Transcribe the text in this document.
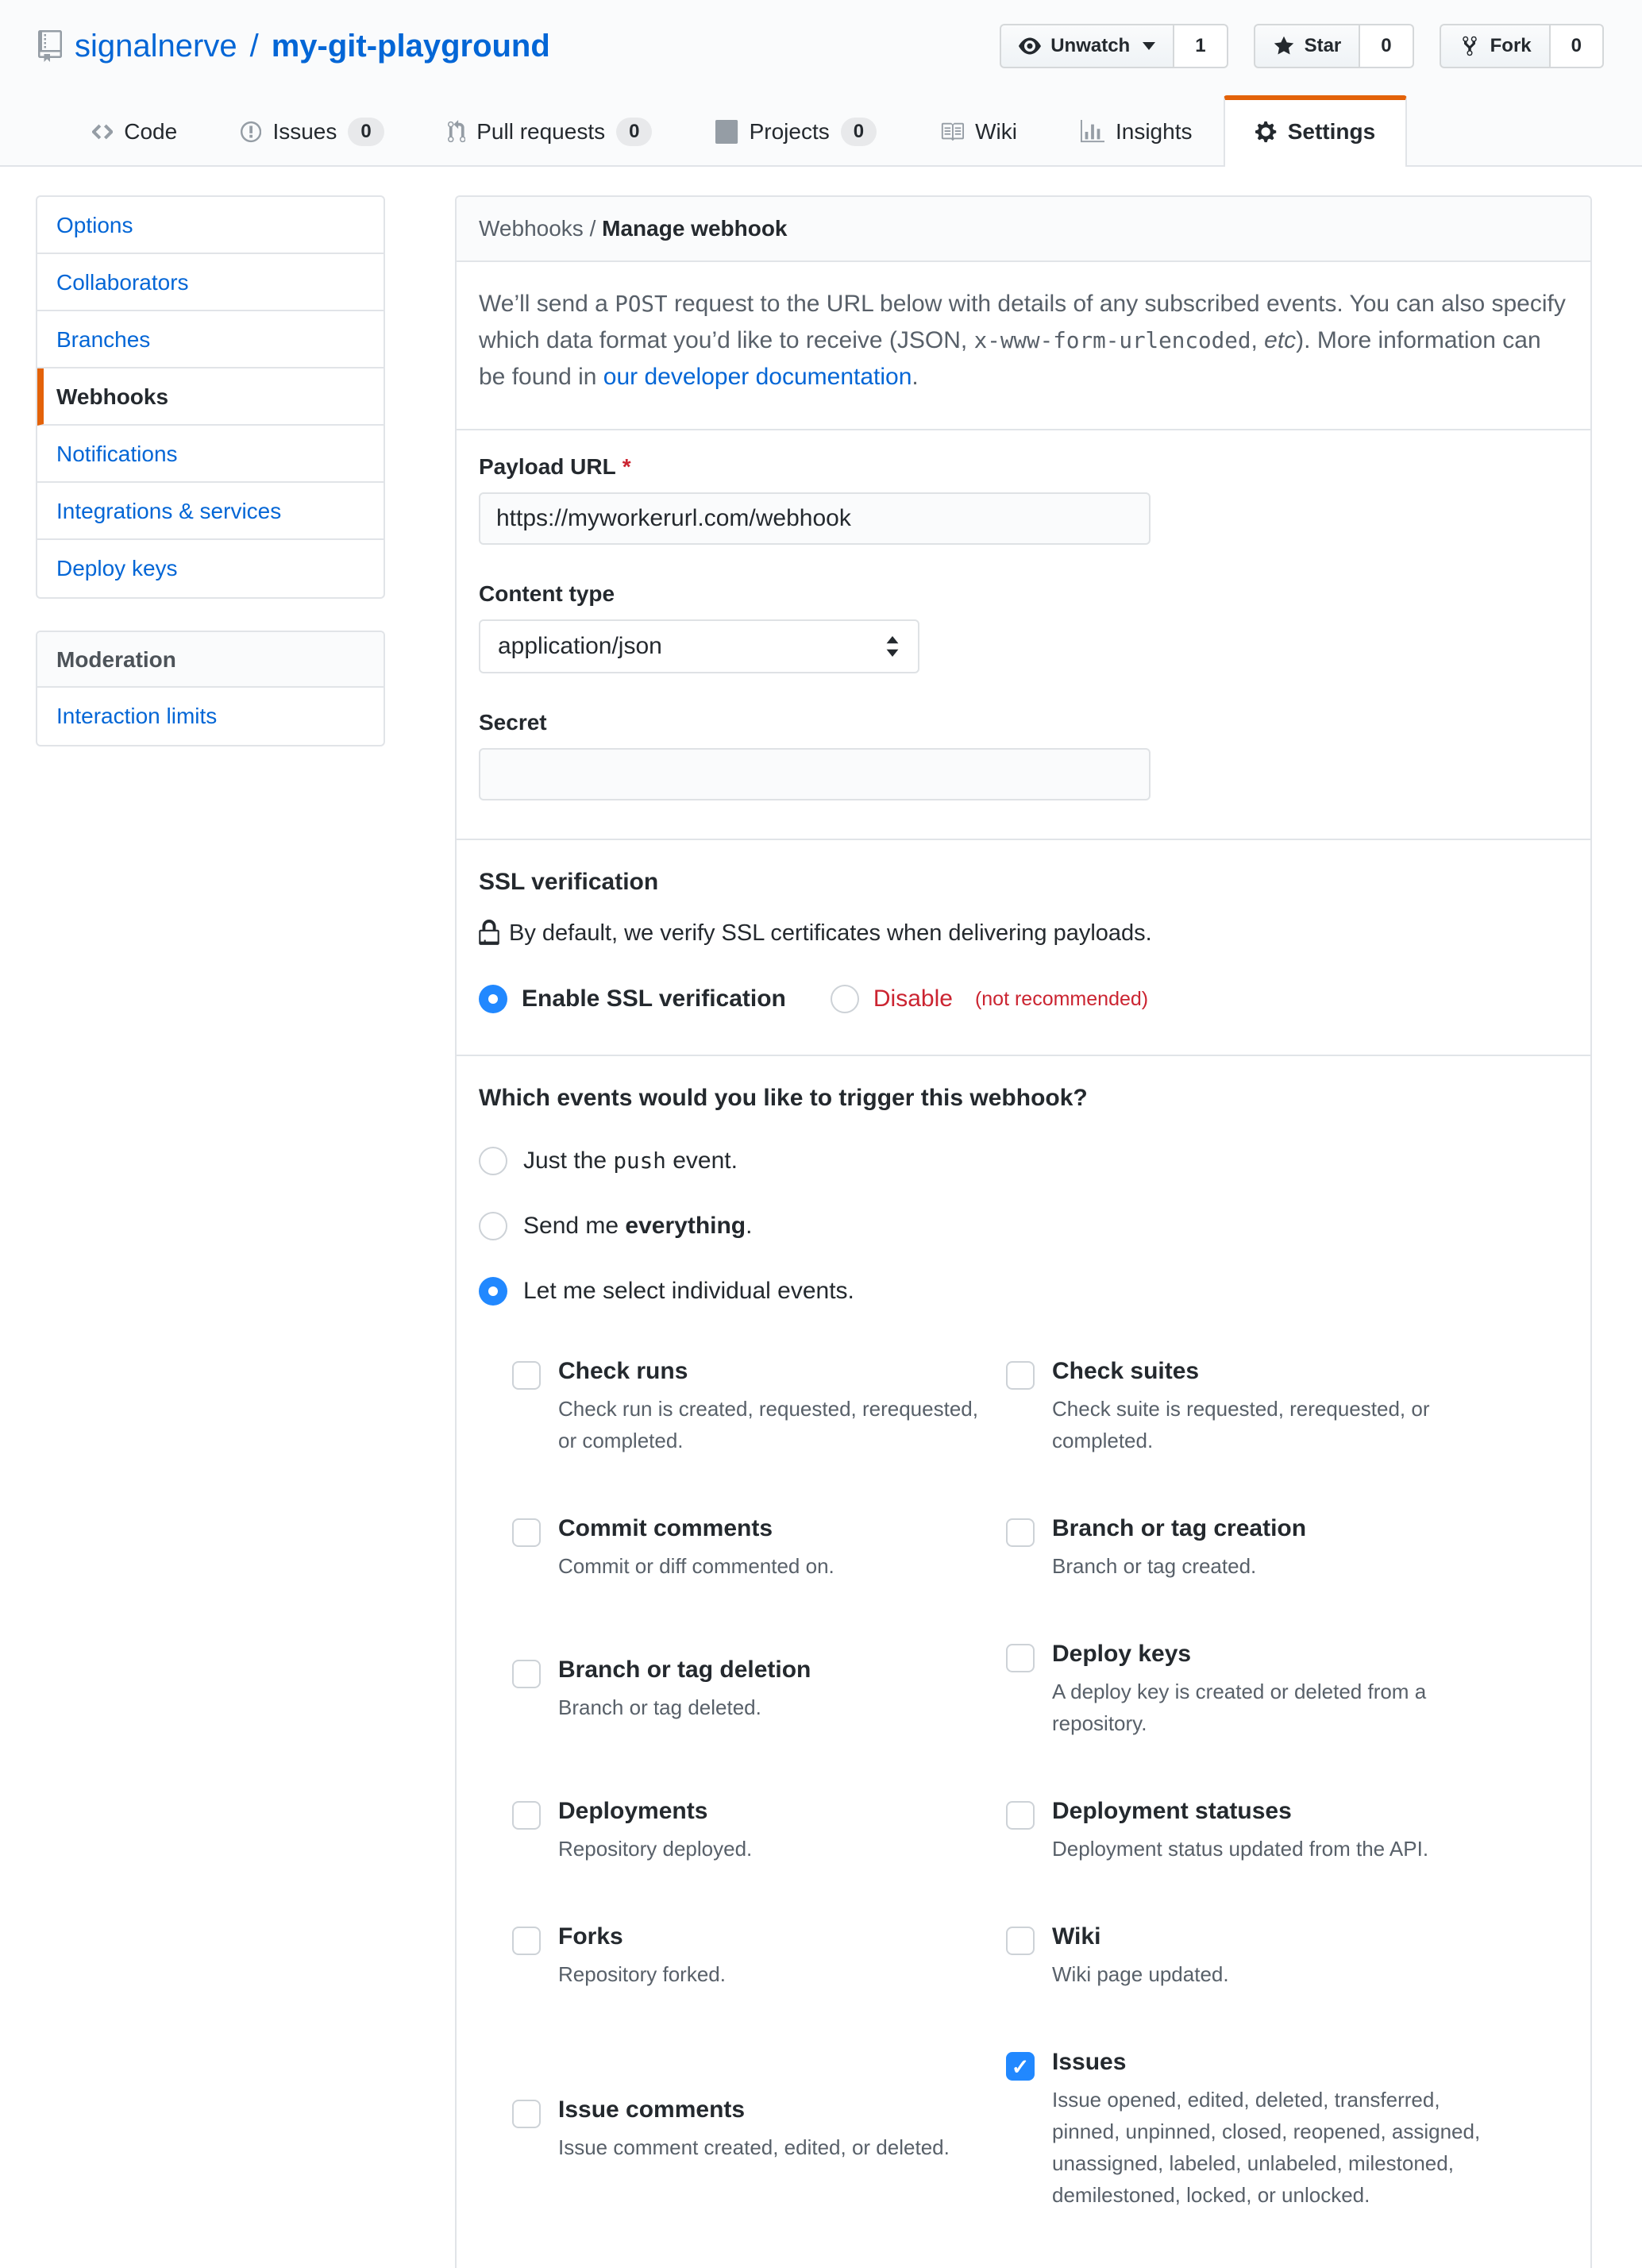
signalnerve / my-git-playground	Unwatch	1	Star	0	Fork	0
Code	Issues	0	Pull requests	0	Projects	0	Wiki	Insights	Settings
Options
Collaborators
Branches
Webhooks
Notifications
Integrations & services
Deploy keys
Moderation
Interaction limits
Webhooks / Manage webhook
We’ll send a POST request to the URL below with details of any subscribed events. You can also specify which data format you’d like to receive (JSON, x-www-form-urlencoded, etc). More information can be found in our developer documentation.
Payload URL *
https://myworkerurl.com/webhook
Content type
application/json
Secret
SSL verification
By default, we verify SSL certificates when delivering payloads.
Enable SSL verification	Disable (not recommended)
Which events would you like to trigger this webhook?
Just the push event.
Send me everything.
Let me select individual events.
Check runs
Check run is created, requested, rerequested, or completed.
Check suites
Check suite is requested, rerequested, or completed.
Commit comments
Commit or diff commented on.
Branch or tag creation
Branch or tag created.
Branch or tag deletion
Branch or tag deleted.
Deploy keys
A deploy key is created or deleted from a repository.
Deployments
Repository deployed.
Deployment statuses
Deployment status updated from the API.
Forks
Repository forked.
Wiki
Wiki page updated.
Issue comments
Issue comment created, edited, or deleted.
✓
Issues
Issue opened, edited, deleted, transferred, pinned, unpinned, closed, reopened, assigned, unassigned, labeled, unlabeled, milestoned, demilestoned, locked, or unlocked.
